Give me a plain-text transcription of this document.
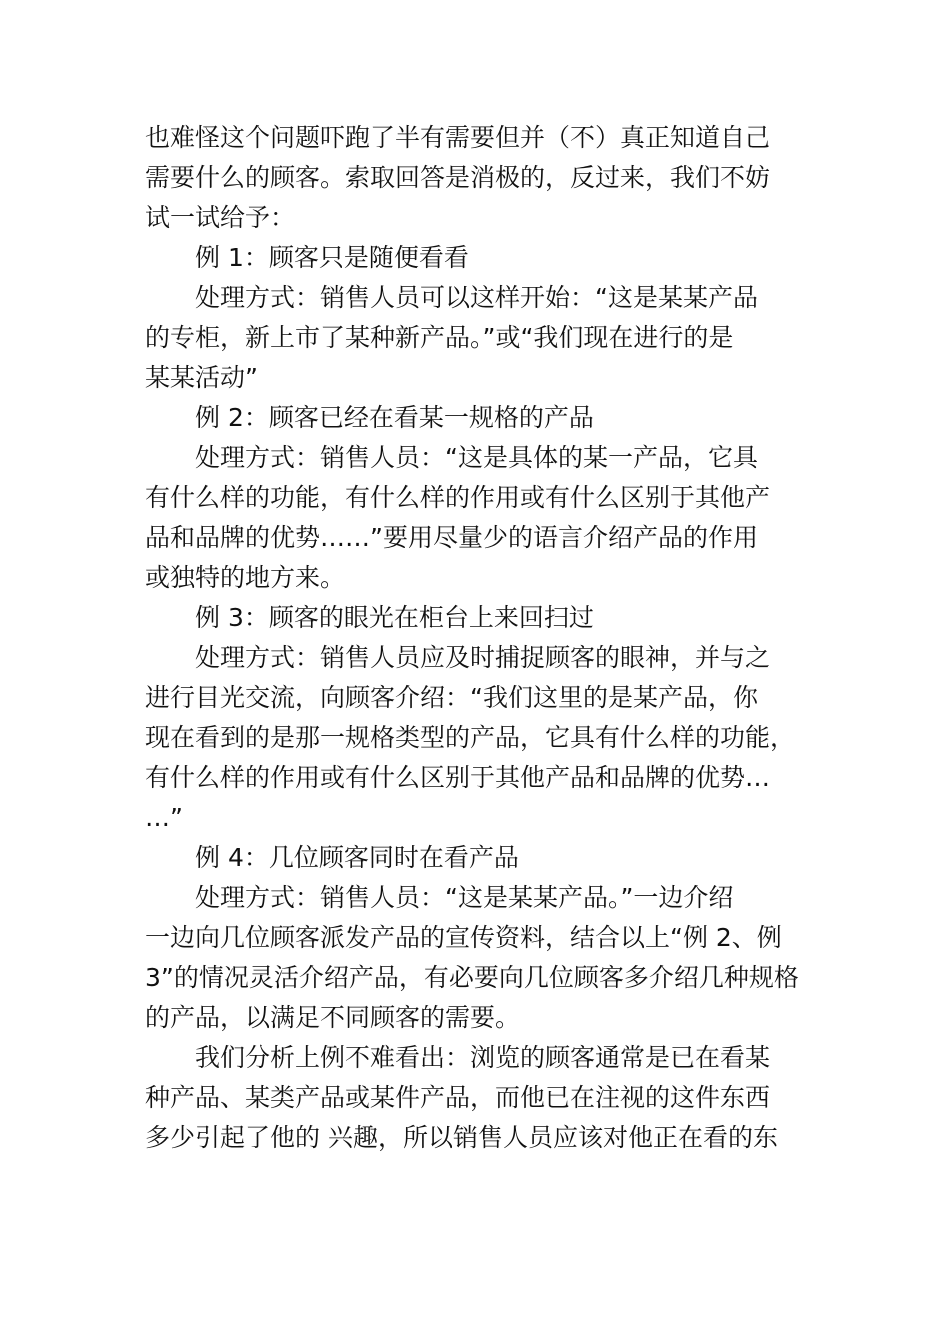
也难怪这个问题吓跑了半有需要但并（不）真正知道自己
需要什么的顾客。索取回答是消极的，反过来，我们不妨
试一试给予：
例 1：顾客只是随便看看
处理方式：销售人员可以这样开始：“这是某某产品
的专柜，新上市了某种新产品。”或“我们现在进行的是
某某活动”
例 2：顾客已经在看某一规格的产品
处理方式：销售人员：“这是具体的某一产品，它具
有什么样的功能，有什么样的作用或有什么区别于其他产
品和品牌的优势……”要用尽量少的语言介绍产品的作用
或独特的地方来。
例 3：顾客的眼光在柜台上来回扫过
处理方式：销售人员应及时捕捉顾客的眼神，并与之
进行目光交流，向顾客介绍：“我们这里的是某产品，你
现在看到的是那一规格类型的产品，它具有什么样的功能，
有什么样的作用或有什么区别于其他产品和品牌的优势…
…”
例 4：几位顾客同时在看产品
处理方式：销售人员：“这是某某产品。”一边介绍
一边向几位顾客派发产品的宣传资料，结合以上“例 2、例
3”的情况灵活介绍产品，有必要向几位顾客多介绍几种规格
的产品，以满足不同顾客的需要。
我们分析上例不难看出：浏览的顾客通常是已在看某
种产品、某类产品或某件产品，而他已在注视的这件东西
多少引起了他的 兴趣，所以销售人员应该对他正在看的东
